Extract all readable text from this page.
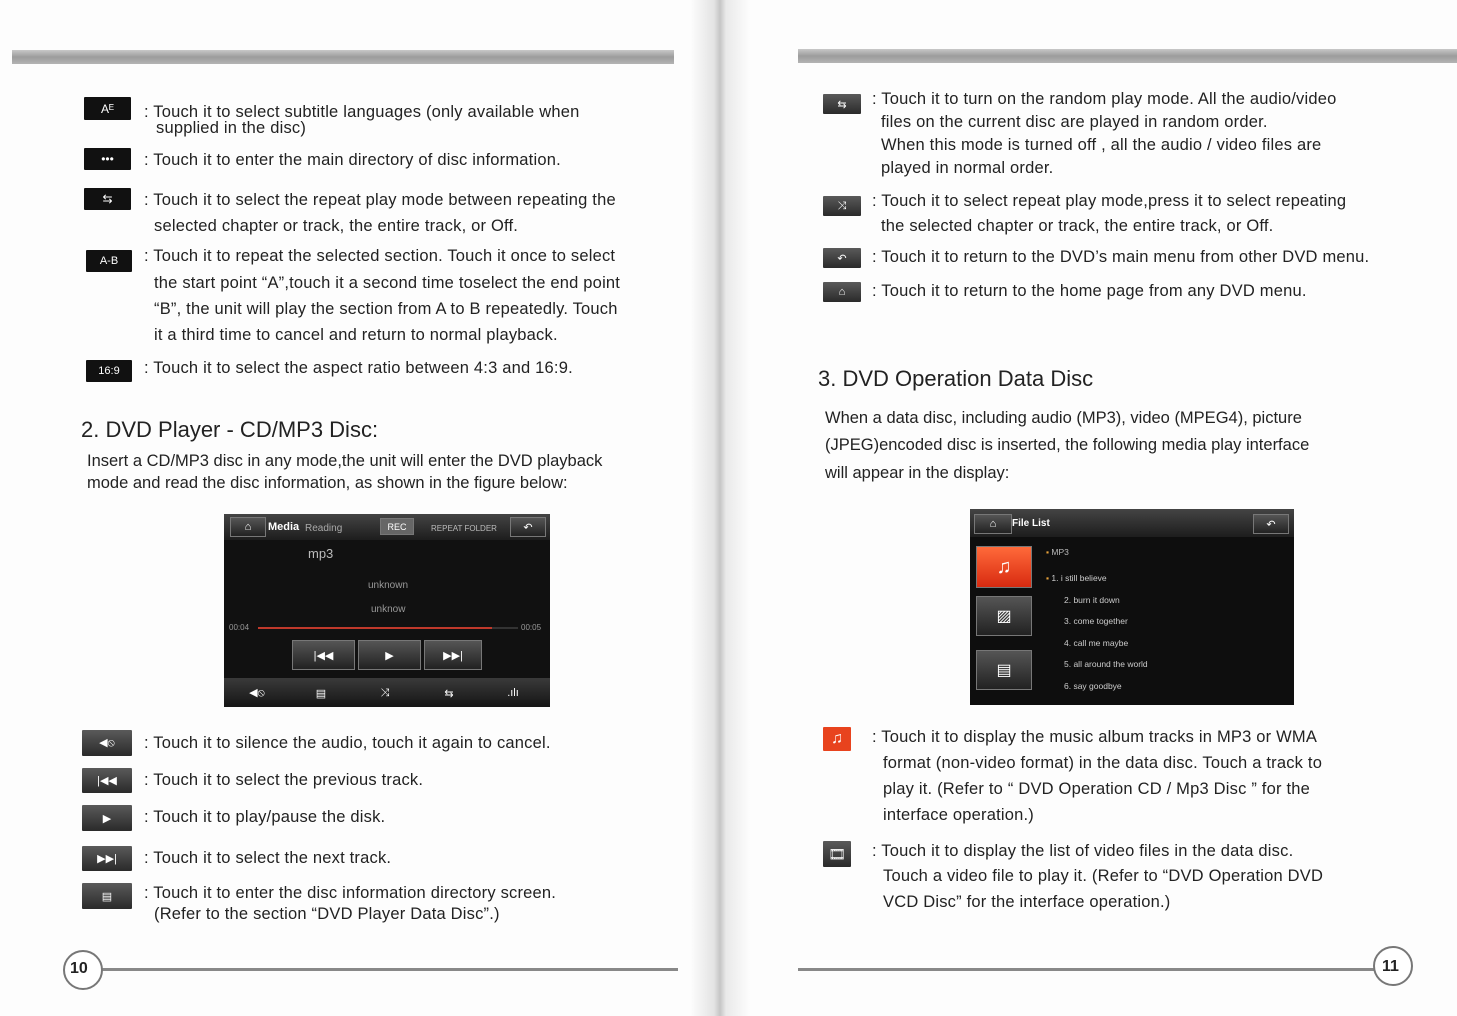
Aᴱ	: Touch it to select subtitle languages (only available when
supplied in the disc)
•••	: Touch it to enter the main directory of disc information.
⇆	: Touch it to select the repeat play mode between repeating the
selected chapter or track, the entire track, or Off.
A-B	: Touch it to repeat the selected section. Touch it once to select
the start point “A”,touch it a second time toselect the end point
“B”, the unit will play the section from A to B repeatedly. Touch
it a third time to cancel and return to normal playback.
16:9	: Touch it to select the aspect ratio between 4:3 and 16:9.
2. DVD Player - CD/MP3 Disc:
Insert a CD/MP3 disc in any mode,the unit will enter the DVD playback
mode and read the disc information, as shown in the figure below:
⌂	Media Reading	REC	REPEAT FOLDER	↶
mp3
unknown
unknow
00:04	00:05
|◀◀	▶	▶▶|
◀⦸	▤	⤨	⇆	.ılı
◀⦸	: Touch it to silence the audio, touch it again to cancel.
|◀◀	: Touch it to select the previous track.
▶	: Touch it to play/pause the disk.
▶▶|	: Touch it to select the next track.
▤	: Touch it to enter the disc information directory screen.
(Refer to the section “DVD Player Data Disc”.)
10
⇆	: Touch it to turn on the random play mode. All the audio/video
files on the current disc are played in random order.
When this mode is turned off , all the audio / video files are
played in normal order.
⤨	: Touch it to select repeat play mode,press it to select repeating
the selected chapter or track, the entire track, or Off.
↶	: Touch it to return to the DVD’s main menu from other DVD menu.
⌂	: Touch it to return to the home page from any DVD menu.
3. DVD Operation Data Disc
When a data disc, including audio (MP3), video (MPEG4), picture
(JPEG)encoded disc is inserted, the following media play interface
will appear in the display:
⌂	File List	↶
♫
▨
▤
▪ MP3
▪ 1. i still believe
2. burn it down
3. come together
4. call me maybe
5. all around the world
6. say goodbye
♫	: Touch it to display the music album tracks in MP3 or WMA
format (non-video format) in the data disc. Touch a track to
play it. (Refer to “ DVD Operation CD / Mp3 Disc ” for the
interface operation.)
🎞	: Touch it to display the list of video files in the data disc.
Touch a video file to play it. (Refer to “DVD Operation DVD
VCD Disc” for the interface operation.)
11
